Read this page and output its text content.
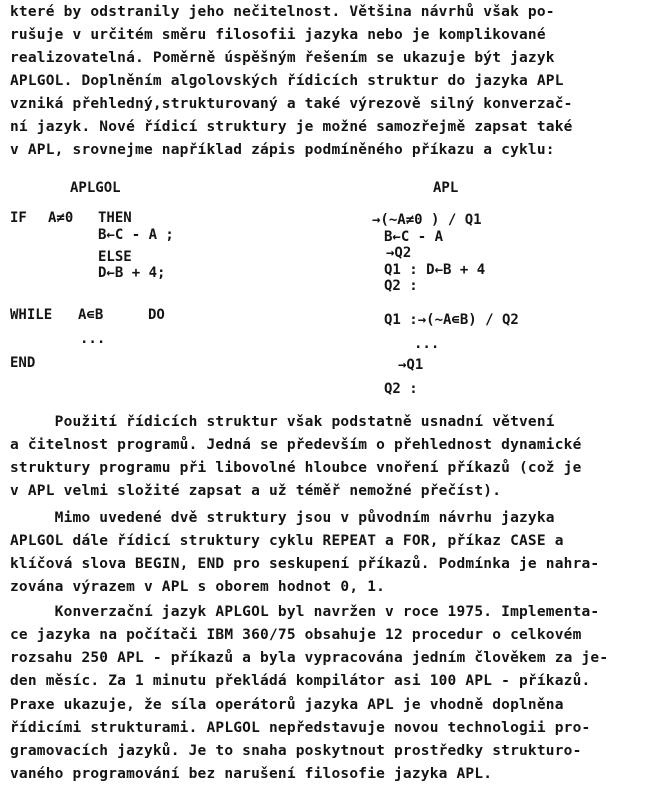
které by odstranily jeho nečitelnost. Většina návrhů však po-
rušuje v určitém směru filosofii jazyka nebo je komplikované
realizovatelná. Poměrně úspěšným řešením se ukazuje být jazyk
APLGOL. Doplněním algolovských řídicích struktur do jazyka APL
vzniká přehledný,strukturovaný a také výrezově silný konverzač-
ní jazyk. Nové řídicí struktury je možné samozřejmě zapsat také
v APL, srovnejme například zápis podmíněného příkazu a cyklu:
APLGOL	APL
IF A≠0 THEN
B←C - A ;
ELSE
D←B + 4;
WHILE A∊B	DO
...
END
→(~A≠0 ) / Q1
B←C - A
→Q2
Q1 : D←B + 4
Q2 :
Q1 :→(~A∊B) / Q2
...
→Q1
Q2 :
Použití řídicích struktur však podstatně usnadní větvení
a čitelnost programů. Jedná se především o přehlednost dynamické
struktury programu při libovolné hloubce vnoření příkazů (což je
v APL velmi složité zapsat a už téměř nemožné přečíst).
Mimo uvedené dvě struktury jsou v původním návrhu jazyka
APLGOL dále řídicí struktury cyklu REPEAT a FOR, příkaz CASE a
klíčová slova BEGIN, END pro seskupení příkazů. Podmínka je nahra-
zována výrazem v APL s oborem hodnot 0, 1.
Konverzační jazyk APLGOL byl navržen v roce 1975. Implementa-
ce jazyka na počítači IBM 360/75 obsahuje 12 procedur o celkovém
rozsahu 250 APL - příkazů a byla vypracována jedním člověkem za je-
den měsíc. Za 1 minutu překládá kompilátor asi 100 APL - příkazů.
Praxe ukazuje, že síla operátorů jazyka APL je vhodně doplněna
řídicími strukturami. APLGOL nepředstavuje novou technologii pro-
gramovacích jazyků. Je to snaha poskytnout prostředky strukturo-
vaného programování bez narušení filosofie jazyka APL.
